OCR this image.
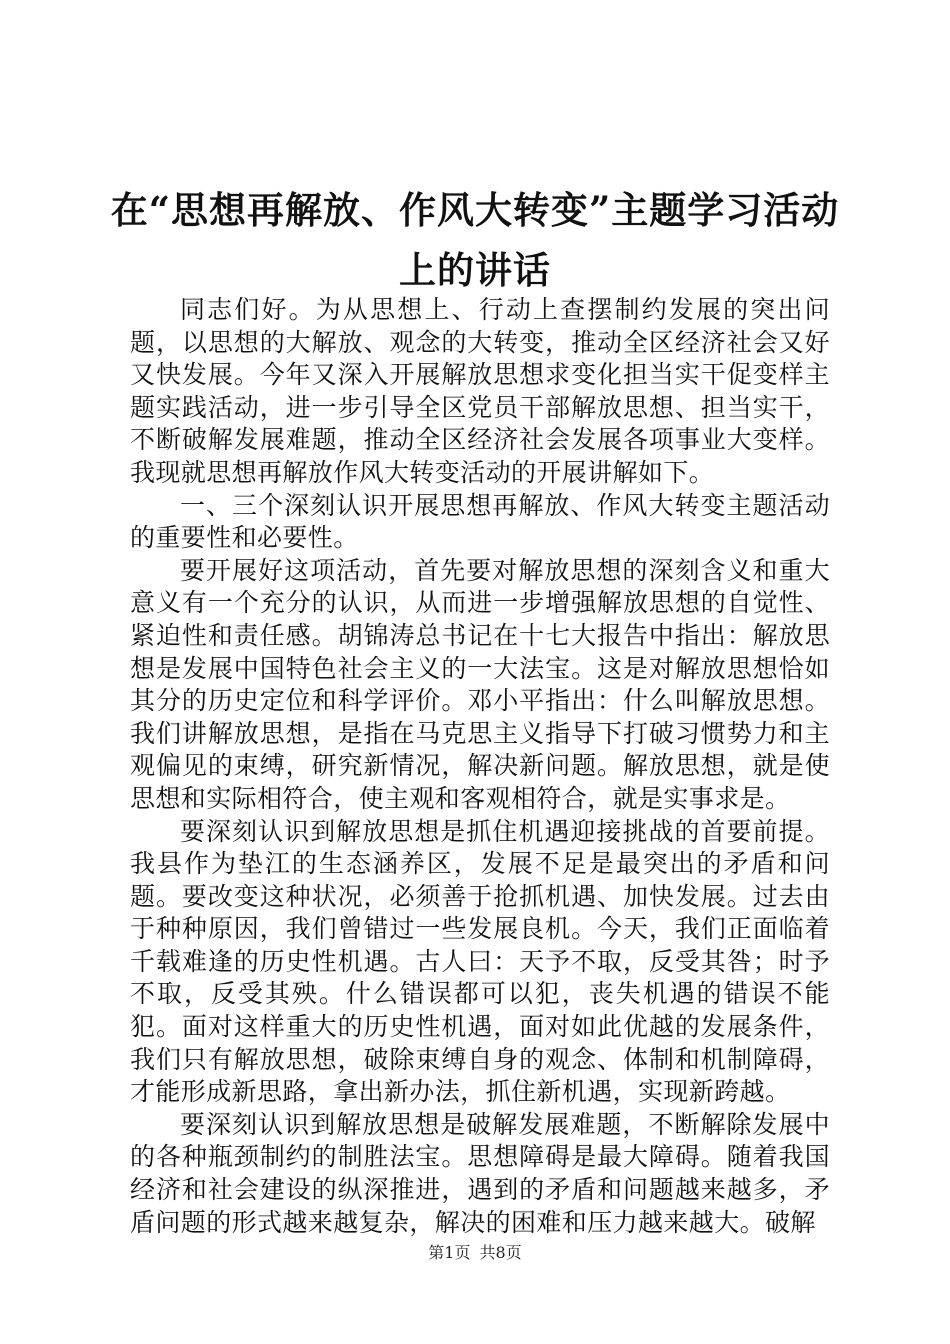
在“思想再解放、作风大转变”主题学习活动
上的讲话

同志们好。为从思想上、行动上查摆制约发展的突出问题，以思想的大解放、观念的大转变，推动全区经济社会又好又快发展。今年又深入开展解放思想求变化担当实干促变样主题实践活动，进一步引导全区党员干部解放思想、担当实干，不断破解发展难题，推动全区经济社会发展各项事业大变样。我现就思想再解放作风大转变活动的开展讲解如下。

一、三个深刻认识开展思想再解放、作风大转变主题活动的重要性和必要性。

要开展好这项活动，首先要对解放思想的深刻含义和重大意义有一个充分的认识，从而进一步增强解放思想的自觉性、紧迫性和责任感。胡锦涛总书记在十七大报告中指出：解放思想是发展中国特色社会主义的一大法宝。这是对解放思想恰如其分的历史定位和科学评价。邓小平指出：什么叫解放思想。我们讲解放思想，是指在马克思主义指导下打破习惯势力和主观偏见的束缚，研究新情况，解决新问题。解放思想，就是使思想和实际相符合，使主观和客观相符合，就是实事求是。

要深刻认识到解放思想是抓住机遇迎接挑战的首要前提。我县作为垫江的生态涵养区，发展不足是最突出的矛盾和问题。要改变这种状况，必须善于抢抓机遇、加快发展。过去由于种种原因，我们曾错过一些发展良机。今天，我们正面临着千载难逢的历史性机遇。古人曰：天予不取，反受其咎；时予不取，反受其殃。什么错误都可以犯，丧失机遇的错误不能犯。面对这样重大的历史性机遇，面对如此优越的发展条件，我们只有解放思想，破除束缚自身的观念、体制和机制障碍，才能形成新思路，拿出新办法，抓住新机遇，实现新跨越。

要深刻认识到解放思想是破解发展难题，不断解除发展中的各种瓶颈制约的制胜法宝。思想障碍是最大障碍。随着我国经济和社会建设的纵深推进，遇到的矛盾和问题越来越多，矛盾问题的形式越来越复杂，解决的困难和压力越来越大。破解

第1页 共8页
